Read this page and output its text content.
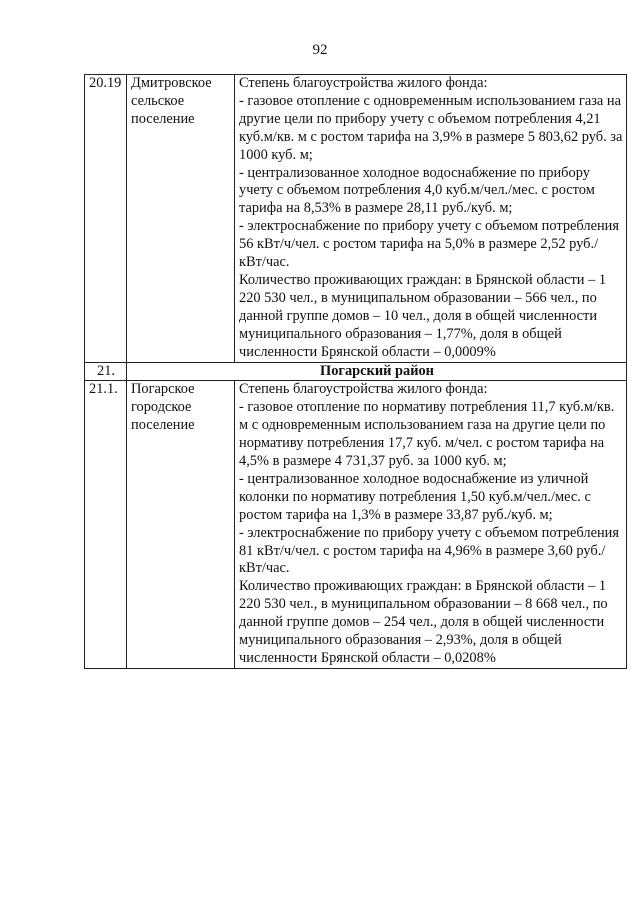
92
20.19	Дмитровское сельское поселение	Степень благоустройства жилого фонда:
- газовое отопление с одновременным использованием газа на другие цели по прибору учету с объемом потребления 4,21 куб.м/кв. м с ростом тарифа на 3,9% в размере 5 803,62 руб. за 1000 куб. м;
- централизованное холодное водоснабжение по прибору учету с объемом потребления 4,0 куб.м/чел./мес. с ростом тарифа на 8,53% в размере 28,11 руб./куб. м;
- электроснабжение по прибору учету с объемом потребления 56 кВт/ч/чел. с ростом тарифа на 5,0% в размере 2,52 руб./кВт/час.
Количество проживающих граждан: в Брянской области – 1 220 530 чел., в муниципальном образовании – 566 чел., по данной группе домов – 10 чел., доля в общей численности муниципального образования – 1,77%, доля в общей численности Брянской области – 0,0009%

21.	Погарский район	
21.1.	Погарское городское поселение	Степень благоустройства жилого фонда:
- газовое отопление по нормативу потребления 11,7 куб.м/кв. м с одновременным использованием газа на другие цели по нормативу потребления 17,7 куб. м/чел. с ростом тарифа на 4,5% в размере 4 731,37 руб. за 1000 куб. м;
- централизованное холодное водоснабжение из уличной колонки по нормативу потребления 1,50 куб.м/чел./мес. с ростом тарифа на 1,3% в размере 33,87 руб./куб. м;
- электроснабжение по прибору учету с объемом потребления 81 кВт/ч/чел. с ростом тарифа на 4,96% в размере 3,60 руб./кВт/час.
Количество проживающих граждан: в Брянской области – 1 220 530 чел., в муниципальном образовании – 8 668 чел., по данной группе домов – 254 чел., доля в общей численности муниципального образования – 2,93%, доля в общей численности Брянской области – 0,0208%
